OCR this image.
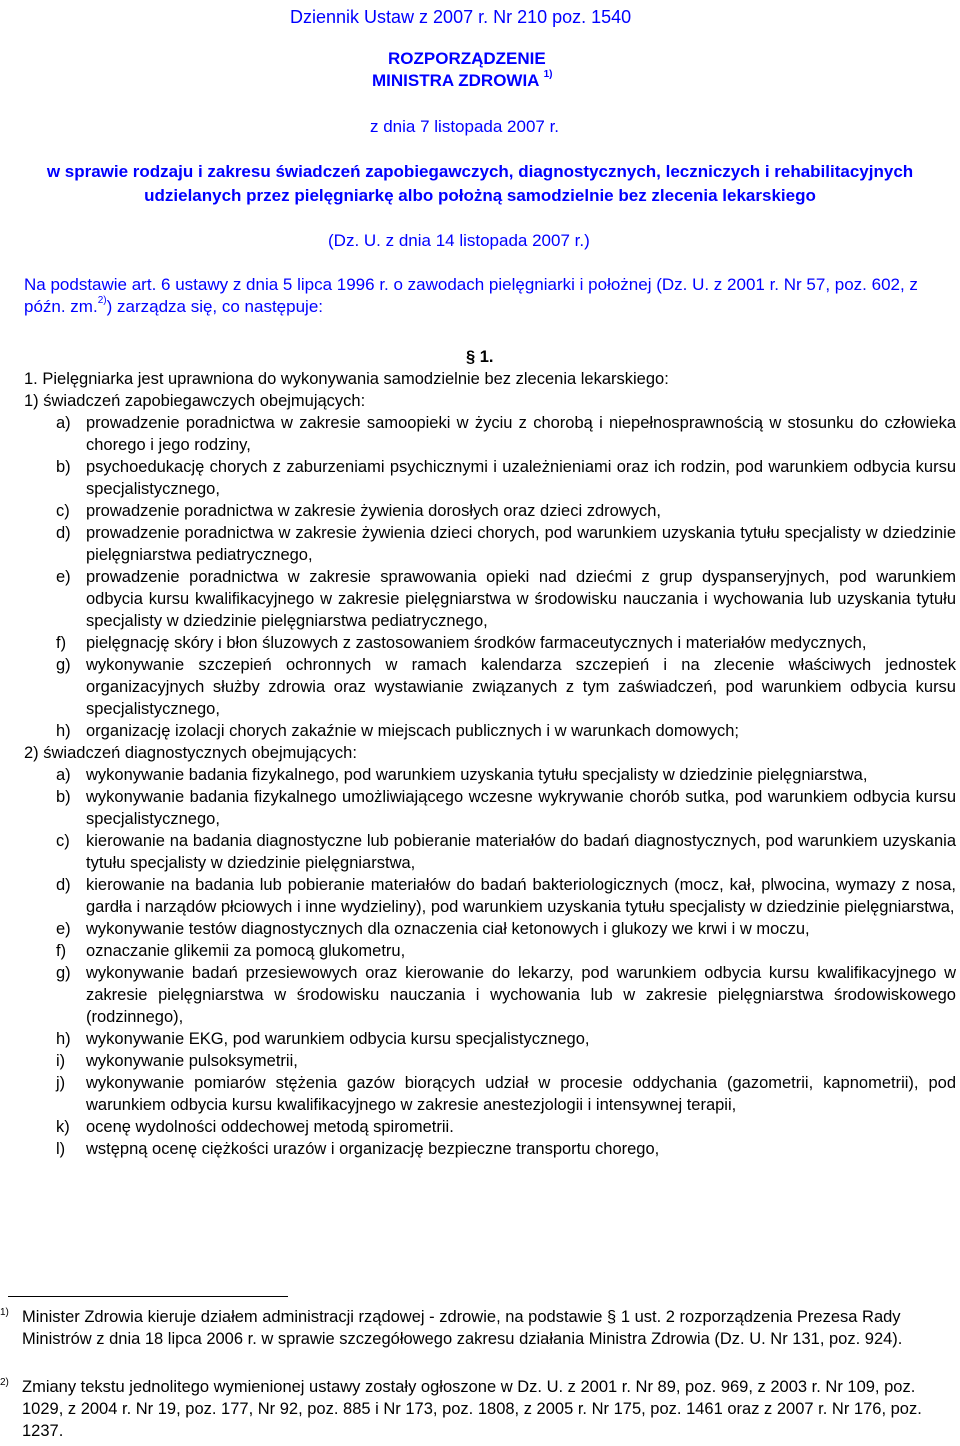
Dziennik Ustaw z 2007 r. Nr 210 poz. 1540
ROZPORZĄDZENIE
MINISTRA ZDROWIA $^{1)}$
z dnia 7 listopada 2007 r.
w sprawie rodzaju i zakresu świadczeń zapobiegawczych, diagnostycznych, leczniczych i rehabilitacyjnych udzielanych przez pielęgniarkę albo położną samodzielnie bez zlecenia lekarskiego
(Dz. U. z dnia 14 listopada 2007 r.)
Na podstawie art. 6 ustawy z dnia 5 lipca 1996 r. o zawodach pielęgniarki i położnej (Dz. U. z 2001 r. Nr 57, poz. 602, z późn. zm.$^{2)}$) zarządza się, co następuje:
§ 1.
1. Pielęgniarka jest uprawniona do wykonywania samodzielnie bez zlecenia lekarskiego:
1) świadczeń zapobiegawczych obejmujących:
a) prowadzenie poradnictwa w zakresie samoopieki w życiu z chorobą i niepełnosprawnością w stosunku do człowieka chorego i jego rodziny,
b) psychoedukację chorych z zaburzeniami psychicznymi i uzależnieniami oraz ich rodzin, pod warunkiem odbycia kursu specjalistycznego,
c) prowadzenie poradnictwa w zakresie żywienia dorosłych oraz dzieci zdrowych,
d) prowadzenie poradnictwa w zakresie żywienia dzieci chorych, pod warunkiem uzyskania tytułu specjalisty w dziedzinie pielęgniarstwa pediatrycznego,
e) prowadzenie poradnictwa w zakresie sprawowania opieki nad dziećmi z grup dyspanseryjnych, pod warunkiem odbycia kursu kwalifikacyjnego w zakresie pielęgniarstwa w środowisku nauczania i wychowania lub uzyskania tytułu specjalisty w dziedzinie pielęgniarstwa pediatrycznego,
f) pielęgnację skóry i błon śluzowych z zastosowaniem środków farmaceutycznych i materiałów medycznych,
g) wykonywanie szczepień ochronnych w ramach kalendarza szczepień i na zlecenie właściwych jednostek organizacyjnych służby zdrowia oraz wystawianie związanych z tym zaświadczeń, pod warunkiem odbycia kursu specjalistycznego,
h) organizację izolacji chorych zakaźnie w miejscach publicznych i w warunkach domowych;
2) świadczeń diagnostycznych obejmujących:
a) wykonywanie badania fizykalnego, pod warunkiem uzyskania tytułu specjalisty w dziedzinie pielęgniarstwa,
b) wykonywanie badania fizykalnego umożliwiającego wczesne wykrywanie chorób sutka, pod warunkiem odbycia kursu specjalistycznego,
c) kierowanie na badania diagnostyczne lub pobieranie materiałów do badań diagnostycznych, pod warunkiem uzyskania tytułu specjalisty w dziedzinie pielęgniarstwa,
d) kierowanie na badania lub pobieranie materiałów do badań bakteriologicznych (mocz, kał, plwocina, wymazy z nosa, gardła i narządów płciowych i inne wydzieliny), pod warunkiem uzyskania tytułu specjalisty w dziedzinie pielęgniarstwa,
e) wykonywanie testów diagnostycznych dla oznaczenia ciał ketonowych i glukozy we krwi i w moczu,
f) oznaczanie glikemii za pomocą glukometru,
g) wykonywanie badań przesiewowych oraz kierowanie do lekarzy, pod warunkiem odbycia kursu kwalifikacyjnego w zakresie pielęgniarstwa w środowisku nauczania i wychowania lub w zakresie pielęgniarstwa środowiskowego (rodzinnego),
h) wykonywanie EKG, pod warunkiem odbycia kursu specjalistycznego,
i) wykonywanie pulsoksymetrii,
j) wykonywanie pomiarów stężenia gazów biorących udział w procesie oddychania (gazometrii, kapnometrii), pod warunkiem odbycia kursu kwalifikacyjnego w zakresie anestezjologii i intensywnej terapii,
k) ocenę wydolności oddechowej metodą spirometrii.
l) wstępną ocenę ciężkości urazów i organizację bezpieczne transportu chorego,
1) Minister Zdrowia kieruje działem administracji rządowej - zdrowie, na podstawie § 1 ust. 2 rozporządzenia Prezesa Rady Ministrów z dnia 18 lipca 2006 r. w sprawie szczegółowego zakresu działania Ministra Zdrowia (Dz. U. Nr 131, poz. 924).
2) Zmiany tekstu jednolitego wymienionej ustawy zostały ogłoszone w Dz. U. z 2001 r. Nr 89, poz. 969, z 2003 r. Nr 109, poz. 1029, z 2004 r. Nr 19, poz. 177, Nr 92, poz. 885 i Nr 173, poz. 1808, z 2005 r. Nr 175, poz. 1461 oraz z 2007 r. Nr 176, poz. 1237.
